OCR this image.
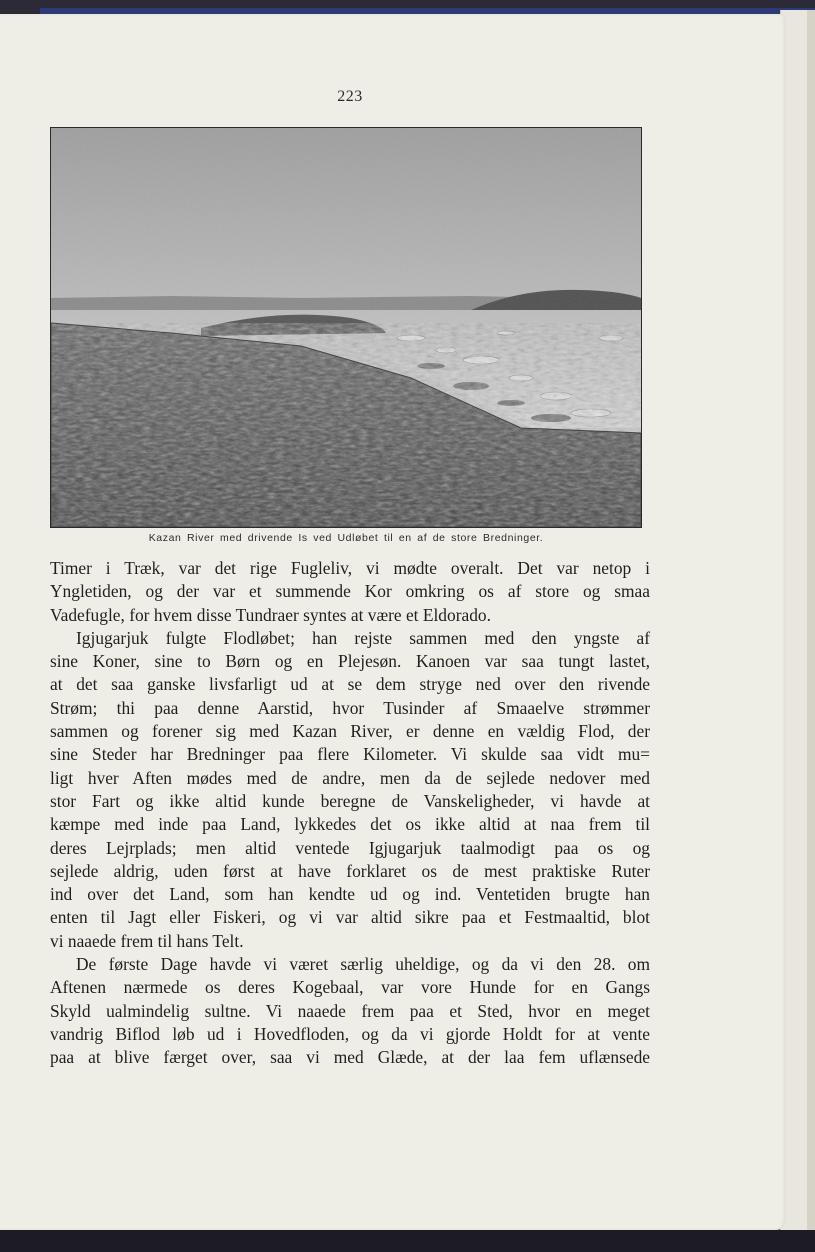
223
Kazan River med drivende Is ved Udløbet til en af de store Bredninger.
Timer i Træk, var det rige Fugleliv, vi mødte overalt. Det var netop i
Yngletiden, og der var et summende Kor omkring os af store og smaa
Vadefugle, for hvem disse Tundraer syntes at være et Eldorado.
Igjugarjuk fulgte Flodløbet; han rejste sammen med den yngste af
sine Koner, sine to Børn og en Plejesøn. Kanoen var saa tungt lastet,
at det saa ganske livsfarligt ud at se dem stryge ned over den rivende
Strøm; thi paa denne Aarstid, hvor Tusinder af Smaaelve strømmer
sammen og forener sig med Kazan River, er denne en vældig Flod, der
sine Steder har Bredninger paa flere Kilometer. Vi skulde saa vidt mu=
ligt hver Aften mødes med de andre, men da de sejlede nedover med
stor Fart og ikke altid kunde beregne de Vanskeligheder, vi havde at
kæmpe med inde paa Land, lykkedes det os ikke altid at naa frem til
deres Lejrplads; men altid ventede Igjugarjuk taalmodigt paa os og
sejlede aldrig, uden først at have forklaret os de mest praktiske Ruter
ind over det Land, som han kendte ud og ind. Ventetiden brugte han
enten til Jagt eller Fiskeri, og vi var altid sikre paa et Festmaaltid, blot
vi naaede frem til hans Telt.
De første Dage havde vi været særlig uheldige, og da vi den 28. om
Aftenen nærmede os deres Kogebaal, var vore Hunde for en Gangs
Skyld ualmindelig sultne. Vi naaede frem paa et Sted, hvor en meget
vandrig Biflod løb ud i Hovedfloden, og da vi gjorde Holdt for at vente
paa at blive færget over, saa vi med Glæde, at der laa fem uflænsede
